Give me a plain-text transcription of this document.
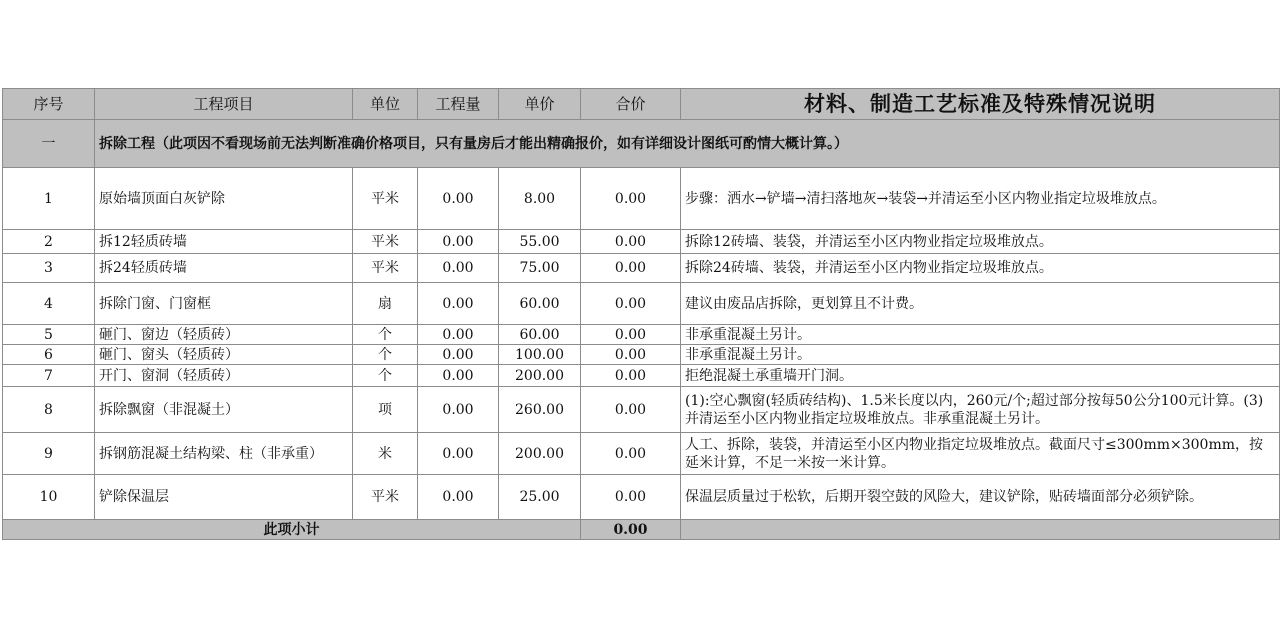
序号	工程项目	单位	工程量	单价	合价	材料、制造工艺标准及特殊情况说明
一	拆除工程（此项因不看现场前无法判断准确价格项目，只有量房后才能出精确报价，如有详细设计图纸可酌情大概计算。）					
1	原始墙顶面白灰铲除	平米	0.00	8.00	0.00	步骤：洒水→铲墙→清扫落地灰→装袋→并清运至小区内物业指定垃圾堆放点。
2	拆12轻质砖墙	平米	0.00	55.00	0.00	拆除12砖墙、装袋，并清运至小区内物业指定垃圾堆放点。
3	拆24轻质砖墙	平米	0.00	75.00	0.00	拆除24砖墙、装袋，并清运至小区内物业指定垃圾堆放点。
4	拆除门窗、门窗框	扇	0.00	60.00	0.00	建议由废品店拆除，更划算且不计费。
5	砸门、窗边（轻质砖）	个	0.00	60.00	0.00	非承重混凝土另计。
6	砸门、窗头（轻质砖）	个	0.00	100.00	0.00	非承重混凝土另计。
7	开门、窗洞（轻质砖）	个	0.00	200.00	0.00	拒绝混凝土承重墙开门洞。
8	拆除飘窗（非混凝土）	项	0.00	260.00	0.00	(1):空心飘窗(轻质砖结构)、1.5米长度以内，260元/个;超过部分按每50公分100元计算。(3)并清运至小区内物业指定垃圾堆放点。非承重混凝土另计。
9	拆钢筋混凝土结构梁、柱（非承重）	米	0.00	200.00	0.00	人工、拆除，装袋，并清运至小区内物业指定垃圾堆放点。截面尺寸≤300mm×300mm，按延米计算，不足一米按一米计算。
10	铲除保温层	平米	0.00	25.00	0.00	保温层质量过于松软，后期开裂空鼓的风险大，建议铲除，贴砖墙面部分必须铲除。
此项小计					0.00	
